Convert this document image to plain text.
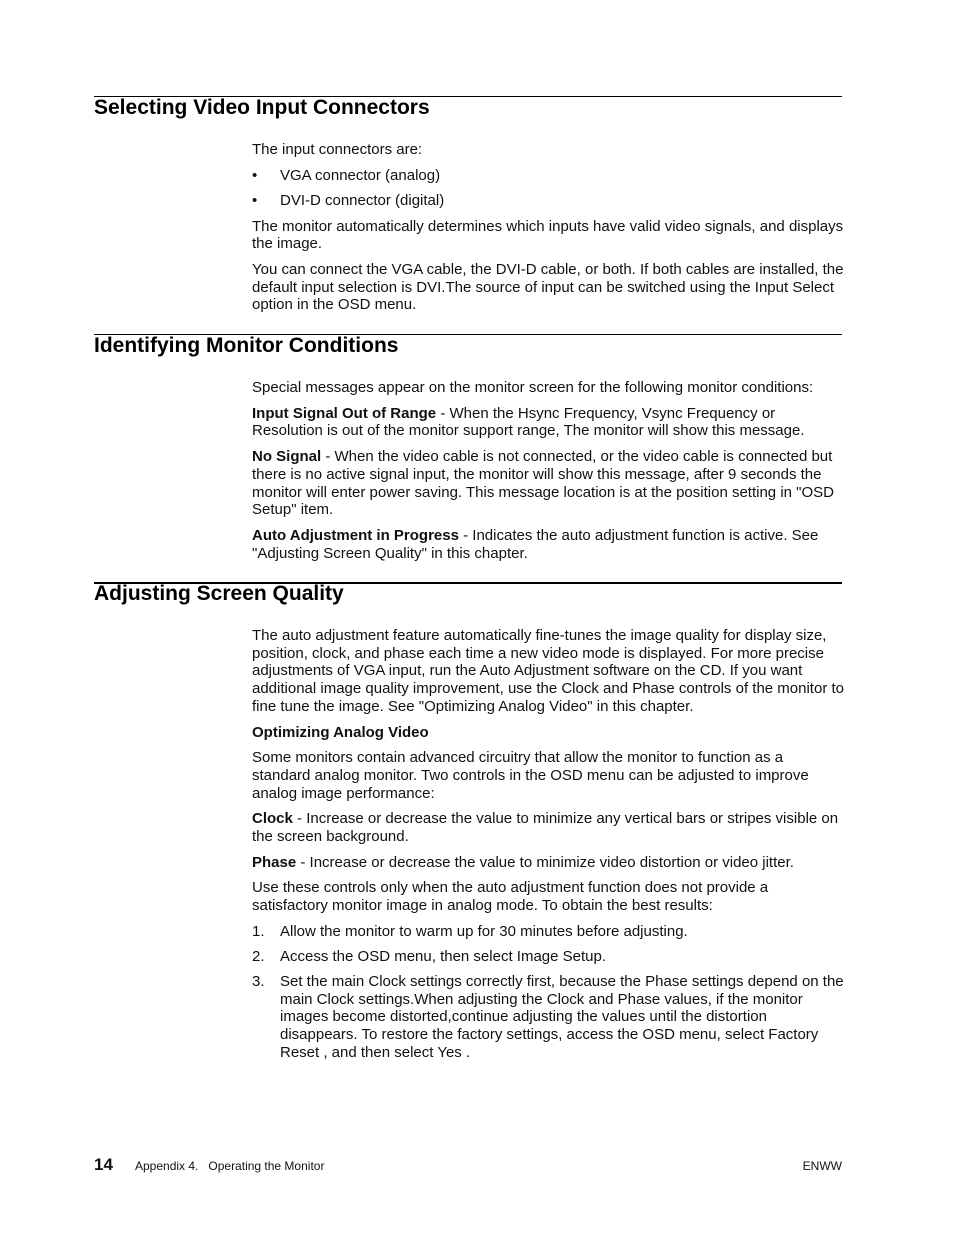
Selecting Video Input Connectors

The input connectors are:

• VGA connector (analog)
• DVI-D connector (digital)

The monitor automatically determines which inputs have valid video signals, and displays the image.

You can connect the VGA cable, the DVI-D cable, or both. If both cables are installed, the default input selection is DVI.The source of input can be switched using the Input Select option in the OSD menu.

Identifying Monitor Conditions

Special messages appear on the monitor screen for the following monitor conditions:

Input Signal Out of Range - When the Hsync Frequency, Vsync Frequency or Resolution is out of the monitor support range, The monitor will show this message.

No Signal - When the video cable is not connected, or the video cable is connected but there is no active signal input, the monitor will show this message, after 9 seconds the monitor will enter power saving. This message location is at the position setting in "OSD Setup" item.

Auto Adjustment in Progress - Indicates the auto adjustment function is active. See "Adjusting Screen Quality" in this chapter.

Adjusting Screen Quality

The auto adjustment feature automatically fine-tunes the image quality for display size, position, clock, and phase each time a new video mode is displayed. For more precise adjustments of VGA input, run the Auto Adjustment software on the CD. If you want additional image quality improvement, use the Clock and Phase controls of the monitor to fine tune the image. See "Optimizing Analog Video" in this chapter.

Optimizing Analog Video

Some monitors contain advanced circuitry that allow the monitor to function as a standard analog monitor. Two controls in the OSD menu can be adjusted to improve analog image performance:

Clock - Increase or decrease the value to minimize any vertical bars or stripes visible on the screen background.

Phase - Increase or decrease the value to minimize video distortion or video jitter.

Use these controls only when the auto adjustment function does not provide a satisfactory monitor image in analog mode. To obtain the best results:

1. Allow the monitor to warm up for 30 minutes before adjusting.
2. Access the OSD menu, then select Image Setup.
3. Set the main Clock settings correctly first, because the Phase settings depend on the main Clock settings.When adjusting the Clock and Phase values, if the monitor images become distorted,continue adjusting the values until the distortion disappears. To restore the factory settings, access the OSD menu, select Factory Reset , and then select Yes .
14 Appendix 4.   Operating the Monitor	ENWW
